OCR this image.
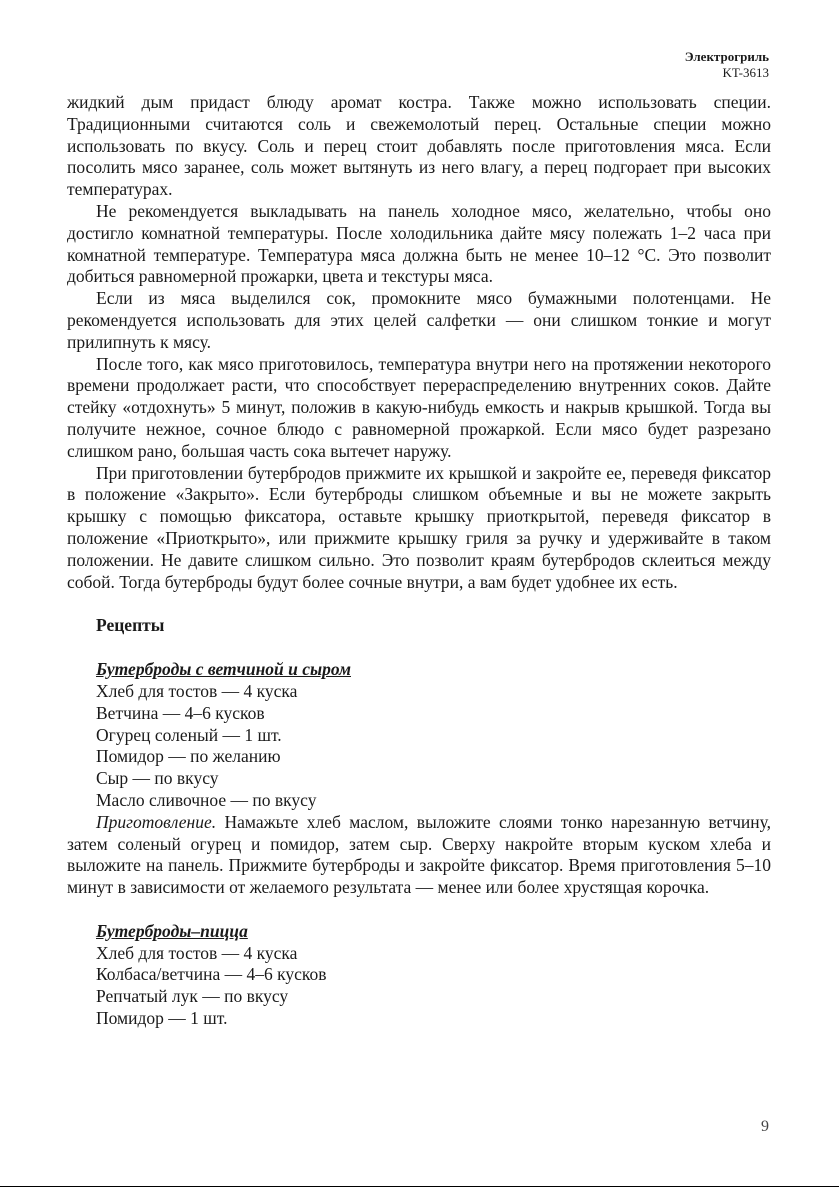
Электрогриль
KT-3613

жидкий дым придаст блюду аромат костра. Также можно использовать специи. Традиционными считаются соль и свежемолотый перец. Остальные специи можно использовать по вкусу. Соль и перец стоит добавлять после приготовления мяса. Если посолить мясо заранее, соль может вытянуть из него влагу, а перец подгорает при высоких температурах.

Не рекомендуется выкладывать на панель холодное мясо, желательно, чтобы оно достигло комнатной температуры. После холодильника дайте мясу полежать 1–2 часа при комнатной температуре. Температура мяса должна быть не менее 10–12 °С. Это позволит добиться равномерной прожарки, цвета и текстуры мяса.

Если из мяса выделился сок, промокните мясо бумажными полотенцами. Не рекомендуется использовать для этих целей салфетки — они слишком тонкие и могут прилипнуть к мясу.

После того, как мясо приготовилось, температура внутри него на протяжении некоторого времени продолжает расти, что способствует перераспределению внутренних соков. Дайте стейку «отдохнуть» 5 минут, положив в какую-нибудь емкость и накрыв крышкой. Тогда вы получите нежное, сочное блюдо с равномерной прожаркой. Если мясо будет разрезано слишком рано, большая часть сока вытечет наружу.

При приготовлении бутербродов прижмите их крышкой и закройте ее, переведя фиксатор в положение «Закрыто». Если бутерброды слишком объемные и вы не можете закрыть крышку с помощью фиксатора, оставьте крышку приоткрытой, переведя фиксатор в положение «Приоткрыто», или прижмите крышку гриля за ручку и удерживайте в таком положении. Не давите слишком сильно. Это позволит краям бутербродов склеиться между собой. Тогда бутерброды будут более сочные внутри, а вам будет удобнее их есть.

Рецепты
Бутерброды с ветчиной и сыром
Хлеб для тостов — 4 куска
Ветчина — 4–6 кусков
Огурец соленый — 1 шт.
Помидор — по желанию
Сыр — по вкусу
Масло сливочное — по вкусу

Приготовление. Намажьте хлеб маслом, выложите слоями тонко нарезанную ветчину, затем соленый огурец и помидор, затем сыр. Сверху накройте вторым куском хлеба и выложите на панель. Прижмите бутерброды и закройте фиксатор. Время приготовления 5–10 минут в зависимости от желаемого результата — менее или более хрустящая корочка.

Бутерброды–пицца
Хлеб для тостов — 4 куска
Колбаса/ветчина — 4–6 кусков
Репчатый лук — по вкусу
Помидор — 1 шт.
9
